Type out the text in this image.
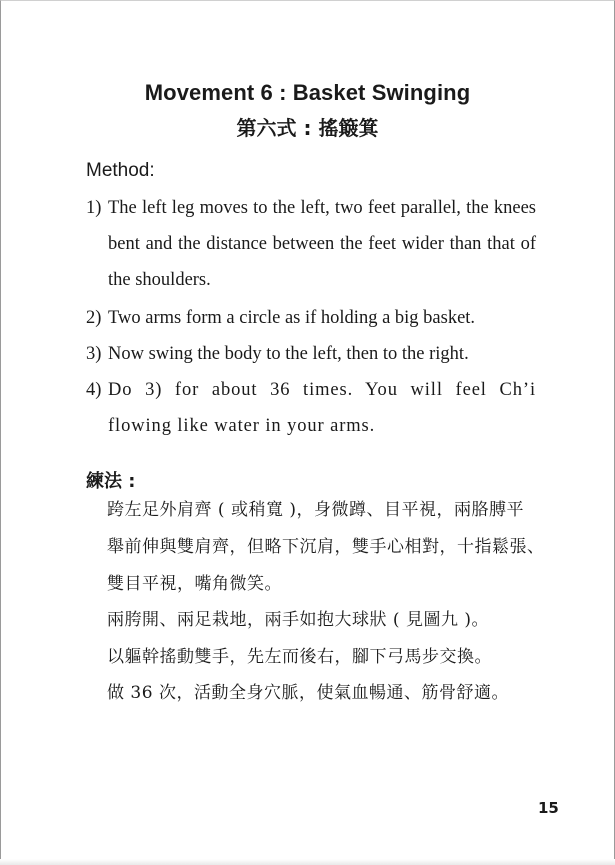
Movement 6 : Basket Swinging
第六式 : 搖簸箕
Method:
1) The left leg moves to the left, two feet parallel, the knees bent and the distance between the feet wider than that of the shoulders.
2) Two arms form a circle as if holding a big basket.
3) Now swing the body to the left, then to the right.
4) Do 3) for about 36 times. You will feel Ch’i flowing like water in your arms.
練法 :
跨左足外肩齊 ( 或稍寬 )，身微蹲、目平視，兩胳膊平
舉前伸與雙肩齊，但略下沉肩，雙手心相對，十指鬆張、
雙目平視，嘴角微笑。
兩胯開、兩足栽地，兩手如抱大球狀 ( 見圖九 )。
以軀幹搖動雙手，先左而後右，腳下弓馬步交換。
做 36 次，活動全身穴脈，使氣血暢通、筋骨舒適。
15
